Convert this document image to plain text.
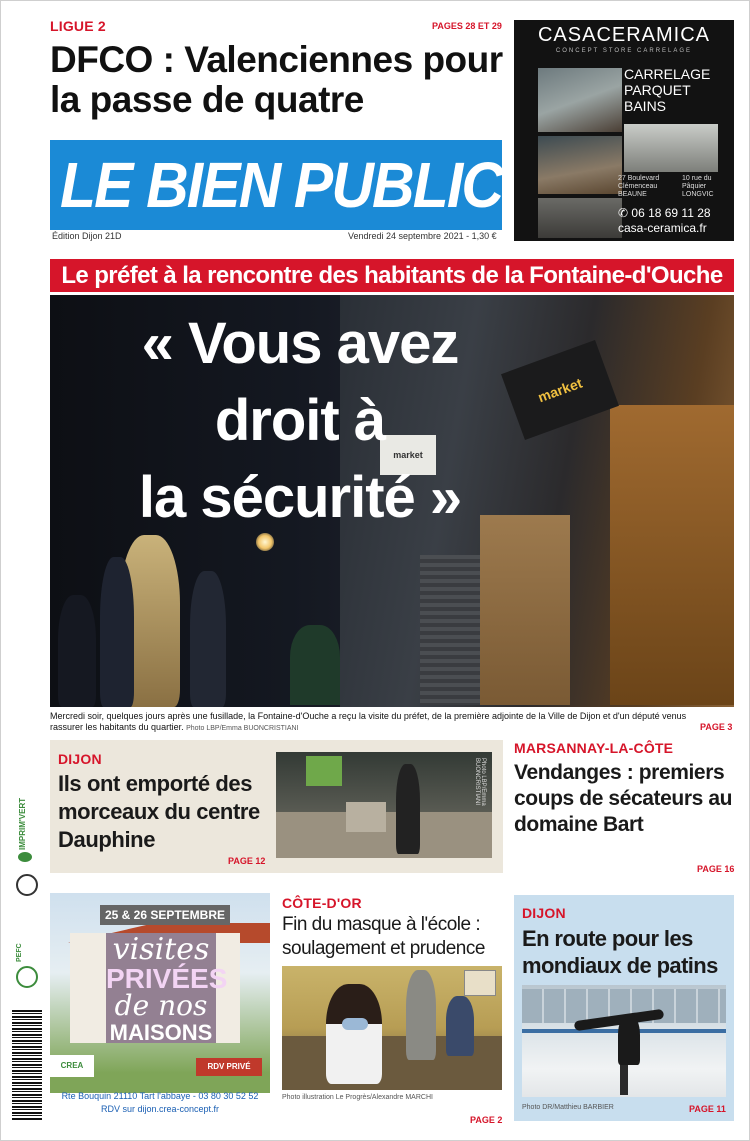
LIGUE 2	PAGES 28 ET 29
DFCO : Valenciennes pour la passe de quatre
LE BIEN PUBLIC
Édition Dijon 21D	Vendredi 24 septembre 2021 - 1,30 €
CASACERAMICA
CONCEPT STORE CARRELAGE
CARRELAGE
PARQUET
BAINS
27 Boulevard Clémenceau BEAUNE
10 rue du Pâquier LONGVIC
✆ 06 18 69 11 28
casa-ceramica.fr
Le préfet à la rencontre des habitants de la Fontaine-d'Ouche
market
market
« Vous avez
droit à
la sécurité »
Mercredi soir, quelques jours après une fusillade, la Fontaine-d'Ouche a reçu la visite du préfet, de la première adjointe de la Ville de Dijon et d'un député venus rassurer les habitants du quartier. Photo LBP/Emma BUONCRISTIANI	PAGE 3
DIJON
Ils ont emporté des morceaux du centre Dauphine
PAGE 12
Photo LBP/Emma BUONCRISTIANI
MARSANNAY-LA-CÔTE
Vendanges : premiers coups de sécateurs au domaine Bart
PAGE 16
IMPRIM'VERT
PEFC
25 & 26 SEPTEMBRE
visites
PRIVÉES
de nos
MAISONS
CREA	RDV PRIVÉ
Rte Bouquin 21110 Tart l'abbaye - 03 80 30 52 52
RDV sur dijon.crea-concept.fr
CÔTE-D'OR
Fin du masque à l'école : soulagement et prudence
Photo illustration Le Progrès/Alexandre MARCHI
PAGE 2
DIJON
En route pour les mondiaux de patins
Photo DR/Matthieu BARBIER	PAGE 11
